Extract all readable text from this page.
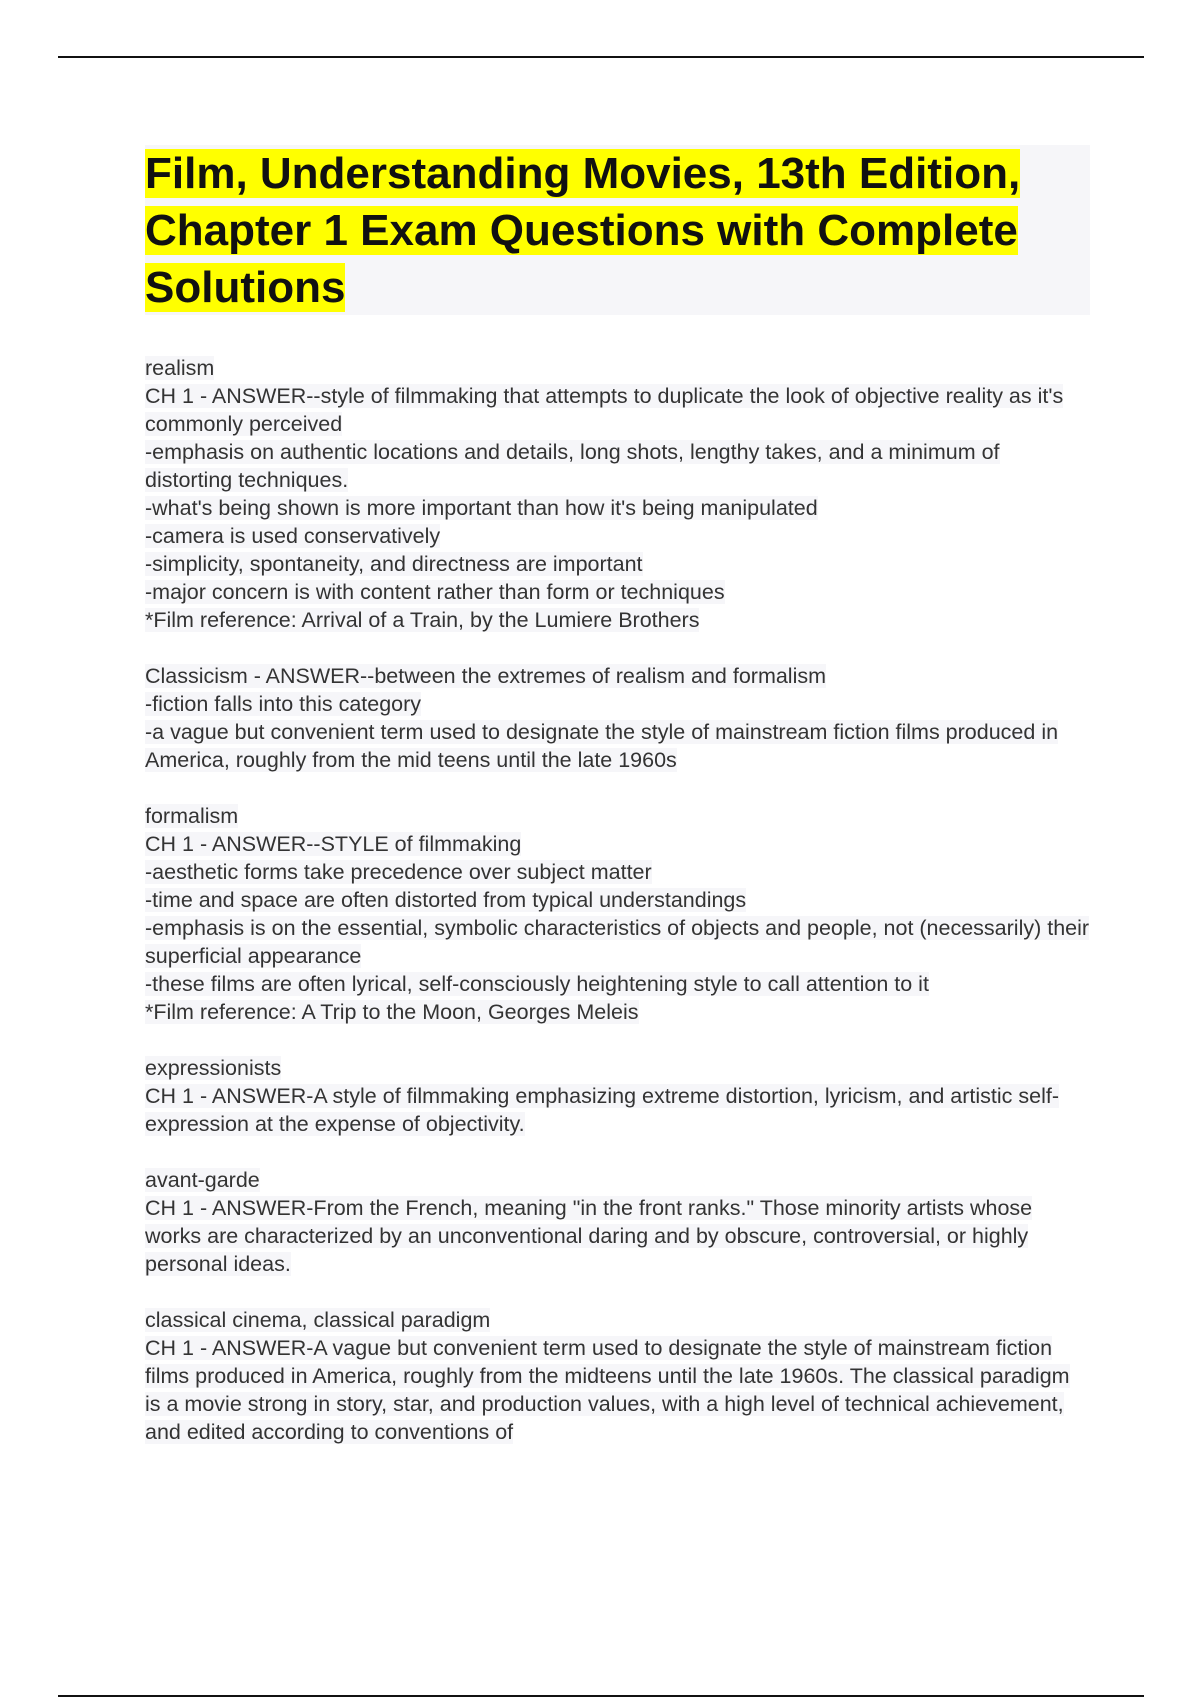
Film, Understanding Movies, 13th Edition, Chapter 1 Exam Questions with Complete Solutions
realism
CH 1 - ANSWER--style of filmmaking that attempts to duplicate the look of objective reality as it's commonly perceived
-emphasis on authentic locations and details, long shots, lengthy takes, and a minimum of distorting techniques.
-what's being shown is more important than how it's being manipulated
-camera is used conservatively
-simplicity, spontaneity, and directness are important
-major concern is with content rather than form or techniques
*Film reference: Arrival of a Train, by the Lumiere Brothers
Classicism - ANSWER--between the extremes of realism and formalism
-fiction falls into this category
-a vague but convenient term used to designate the style of mainstream fiction films produced in America, roughly from the mid teens until the late 1960s
formalism
CH 1 - ANSWER--STYLE of filmmaking
-aesthetic forms take precedence over subject matter
-time and space are often distorted from typical understandings
-emphasis is on the essential, symbolic characteristics of objects and people, not (necessarily) their superficial appearance
-these films are often lyrical, self-consciously heightening style to call attention to it
*Film reference: A Trip to the Moon, Georges Meleis
expressionists
CH 1 - ANSWER-A style of filmmaking emphasizing extreme distortion, lyricism, and artistic self-expression at the expense of objectivity.
avant-garde
CH 1 - ANSWER-From the French, meaning "in the front ranks." Those minority artists whose works are characterized by an unconventional daring and by obscure, controversial, or highly personal ideas.
classical cinema, classical paradigm
CH 1 - ANSWER-A vague but convenient term used to designate the style of mainstream fiction films produced in America, roughly from the midteens until the late 1960s. The classical paradigm is a movie strong in story, star, and production values, with a high level of technical achievement, and edited according to conventions of
